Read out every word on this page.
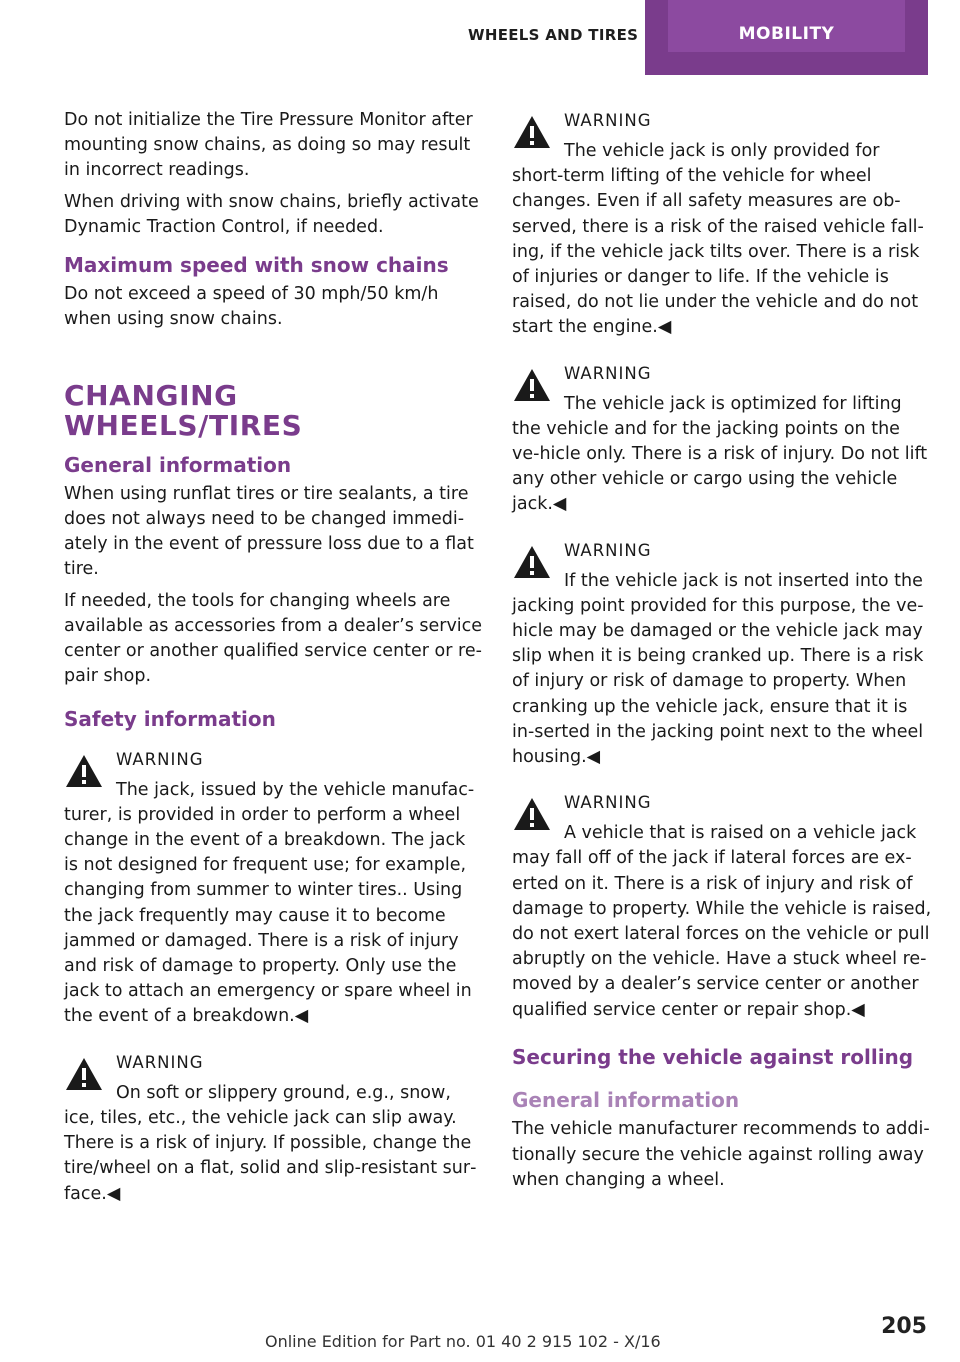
WHEELS AND TIRES	MOBILITY

Do not initialize the Tire Pressure Monitor after mounting snow chains, as doing so may result in incorrect readings.

When driving with snow chains, briefly activate Dynamic Traction Control, if needed.

Maximum speed with snow chains

Do not exceed a speed of 30 mph/50 km/h when using snow chains.

CHANGING WHEELS/TIRES
General information

When using runflat tires or tire sealants, a tire does not always need to be changed immedi‐ately in the event of pressure loss due to a flat tire.

If needed, the tools for changing wheels are available as accessories from a dealer’s service center or another qualified service center or re‐pair shop.

Safety information
WARNING

The jack, issued by the vehicle manufac‐turer, is provided in order to perform a wheel change in the event of a breakdown. The jack is not designed for frequent use; for example, changing from summer to winter tires.. Using the jack frequently may cause it to become jammed or damaged. There is a risk of injury and risk of damage to property. Only use the jack to attach an emergency or spare wheel in the event of a breakdown.◀

WARNING

On soft or slippery ground, e.g., snow, ice, tiles, etc., the vehicle jack can slip away. There is a risk of injury. If possible, change the tire/wheel on a flat, solid and slip-resistant sur‐face.◀

WARNING

The vehicle jack is only provided for short-term lifting of the vehicle for wheel changes. Even if all safety measures are ob‐served, there is a risk of the raised vehicle fall‐ing, if the vehicle jack tilts over. There is a risk of injuries or danger to life. If the vehicle is raised, do not lie under the vehicle and do not start the engine.◀

WARNING

The vehicle jack is optimized for lifting the vehicle and for the jacking points on the ve‐hicle only. There is a risk of injury. Do not lift any other vehicle or cargo using the vehicle jack.◀

WARNING

If the vehicle jack is not inserted into the jacking point provided for this purpose, the ve‐hicle may be damaged or the vehicle jack may slip when it is being cranked up. There is a risk of injury or risk of damage to property. When cranking up the vehicle jack, ensure that it is in‐serted in the jacking point next to the wheel housing.◀

WARNING

A vehicle that is raised on a vehicle jack may fall off of the jack if lateral forces are ex‐erted on it. There is a risk of injury and risk of damage to property. While the vehicle is raised, do not exert lateral forces on the vehicle or pull abruptly on the vehicle. Have a stuck wheel re‐moved by a dealer’s service center or another qualified service center or repair shop.◀

Securing the vehicle against rolling
General information

The vehicle manufacturer recommends to addi‐tionally secure the vehicle against rolling away when changing a wheel.

Online Edition for Part no. 01 40 2 915 102 - X/16
205
